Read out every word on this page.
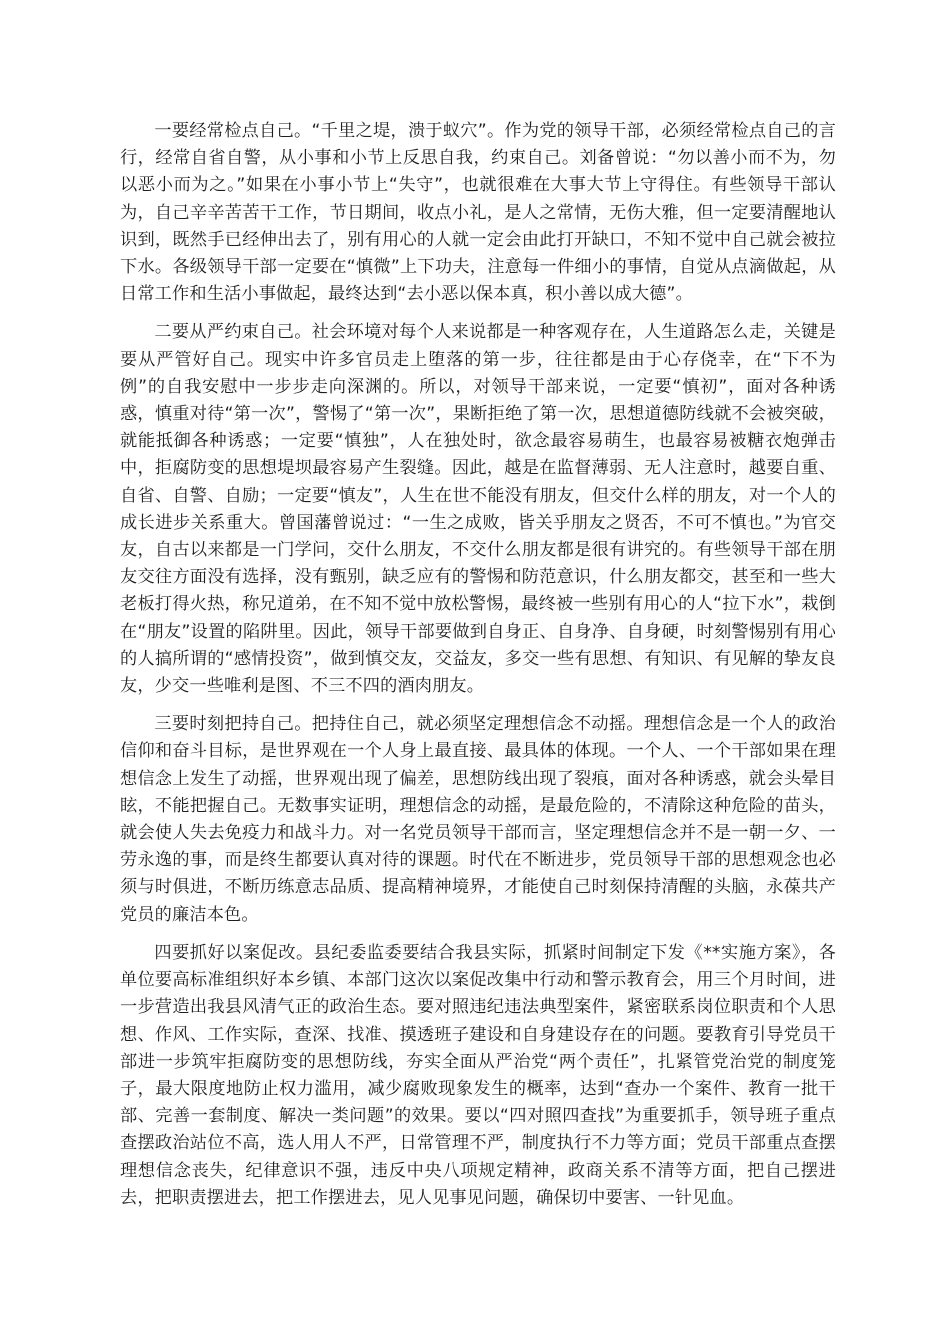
一要经常检点自己。“千里之堤，溃于蚁穴”。作为党的领导干部，必须经常检点自己的言行，经常自省自警，从小事和小节上反思自我，约束自己。刘备曾说：“勿以善小而不为，勿以恶小而为之。”如果在小事小节上“失守”，也就很难在大事大节上守得住。有些领导干部认为，自己辛辛苦苦干工作，节日期间，收点小礼，是人之常情，无伤大雅，但一定要清醒地认识到，既然手已经伸出去了，别有用心的人就一定会由此打开缺口，不知不觉中自己就会被拉下水。各级领导干部一定要在“慎微”上下功夫，注意每一件细小的事情，自觉从点滴做起，从日常工作和生活小事做起，最终达到“去小恶以保本真，积小善以成大德”。

二要从严约束自己。社会环境对每个人来说都是一种客观存在，人生道路怎么走，关键是要从严管好自己。现实中许多官员走上堕落的第一步，往往都是由于心存侥幸，在“下不为例”的自我安慰中一步步走向深渊的。所以，对领导干部来说，一定要“慎初”，面对各种诱惑，慎重对待“第一次”，警惕了“第一次”，果断拒绝了第一次，思想道德防线就不会被突破，就能抵御各种诱惑；一定要“慎独”，人在独处时，欲念最容易萌生，也最容易被糖衣炮弹击中，拒腐防变的思想堤坝最容易产生裂缝。因此，越是在监督薄弱、无人注意时，越要自重、自省、自警、自励；一定要“慎友”，人生在世不能没有朋友，但交什么样的朋友，对一个人的成长进步关系重大。曾国藩曾说过：“一生之成败，皆关乎朋友之贤否，不可不慎也。”为官交友，自古以来都是一门学问，交什么朋友，不交什么朋友都是很有讲究的。有些领导干部在朋友交往方面没有选择，没有甄别，缺乏应有的警惕和防范意识，什么朋友都交，甚至和一些大老板打得火热，称兄道弟，在不知不觉中放松警惕，最终被一些别有用心的人“拉下水”，栽倒在“朋友”设置的陷阱里。因此，领导干部要做到自身正、自身净、自身硬，时刻警惕别有用心的人搞所谓的“感情投资”，做到慎交友，交益友，多交一些有思想、有知识、有见解的挚友良友，少交一些唯利是图、不三不四的酒肉朋友。

三要时刻把持自己。把持住自己，就必须坚定理想信念不动摇。理想信念是一个人的政治信仰和奋斗目标，是世界观在一个人身上最直接、最具体的体现。一个人、一个干部如果在理想信念上发生了动摇，世界观出现了偏差，思想防线出现了裂痕，面对各种诱惑，就会头晕目眩，不能把握自己。无数事实证明，理想信念的动摇，是最危险的，不清除这种危险的苗头，就会使人失去免疫力和战斗力。对一名党员领导干部而言，坚定理想信念并不是一朝一夕、一劳永逸的事，而是终生都要认真对待的课题。时代在不断进步，党员领导干部的思想观念也必须与时俱进，不断历练意志品质、提高精神境界，才能使自己时刻保持清醒的头脑，永葆共产党员的廉洁本色。

四要抓好以案促改。县纪委监委要结合我县实际，抓紧时间制定下发《**实施方案》，各单位要高标准组织好本乡镇、本部门这次以案促改集中行动和警示教育会，用三个月时间，进一步营造出我县风清气正的政治生态。要对照违纪违法典型案件，紧密联系岗位职责和个人思想、作风、工作实际，查深、找准、摸透班子建设和自身建设存在的问题。要教育引导党员干部进一步筑牢拒腐防变的思想防线，夯实全面从严治党“两个责任”，扎紧管党治党的制度笼子，最大限度地防止权力滥用，减少腐败现象发生的概率，达到“查办一个案件、教育一批干部、完善一套制度、解决一类问题”的效果。要以“四对照四查找”为重要抓手，领导班子重点查摆政治站位不高，选人用人不严，日常管理不严，制度执行不力等方面；党员干部重点查摆理想信念丧失，纪律意识不强，违反中央八项规定精神，政商关系不清等方面，把自己摆进去，把职责摆进去，把工作摆进去，见人见事见问题，确保切中要害、一针见血。
